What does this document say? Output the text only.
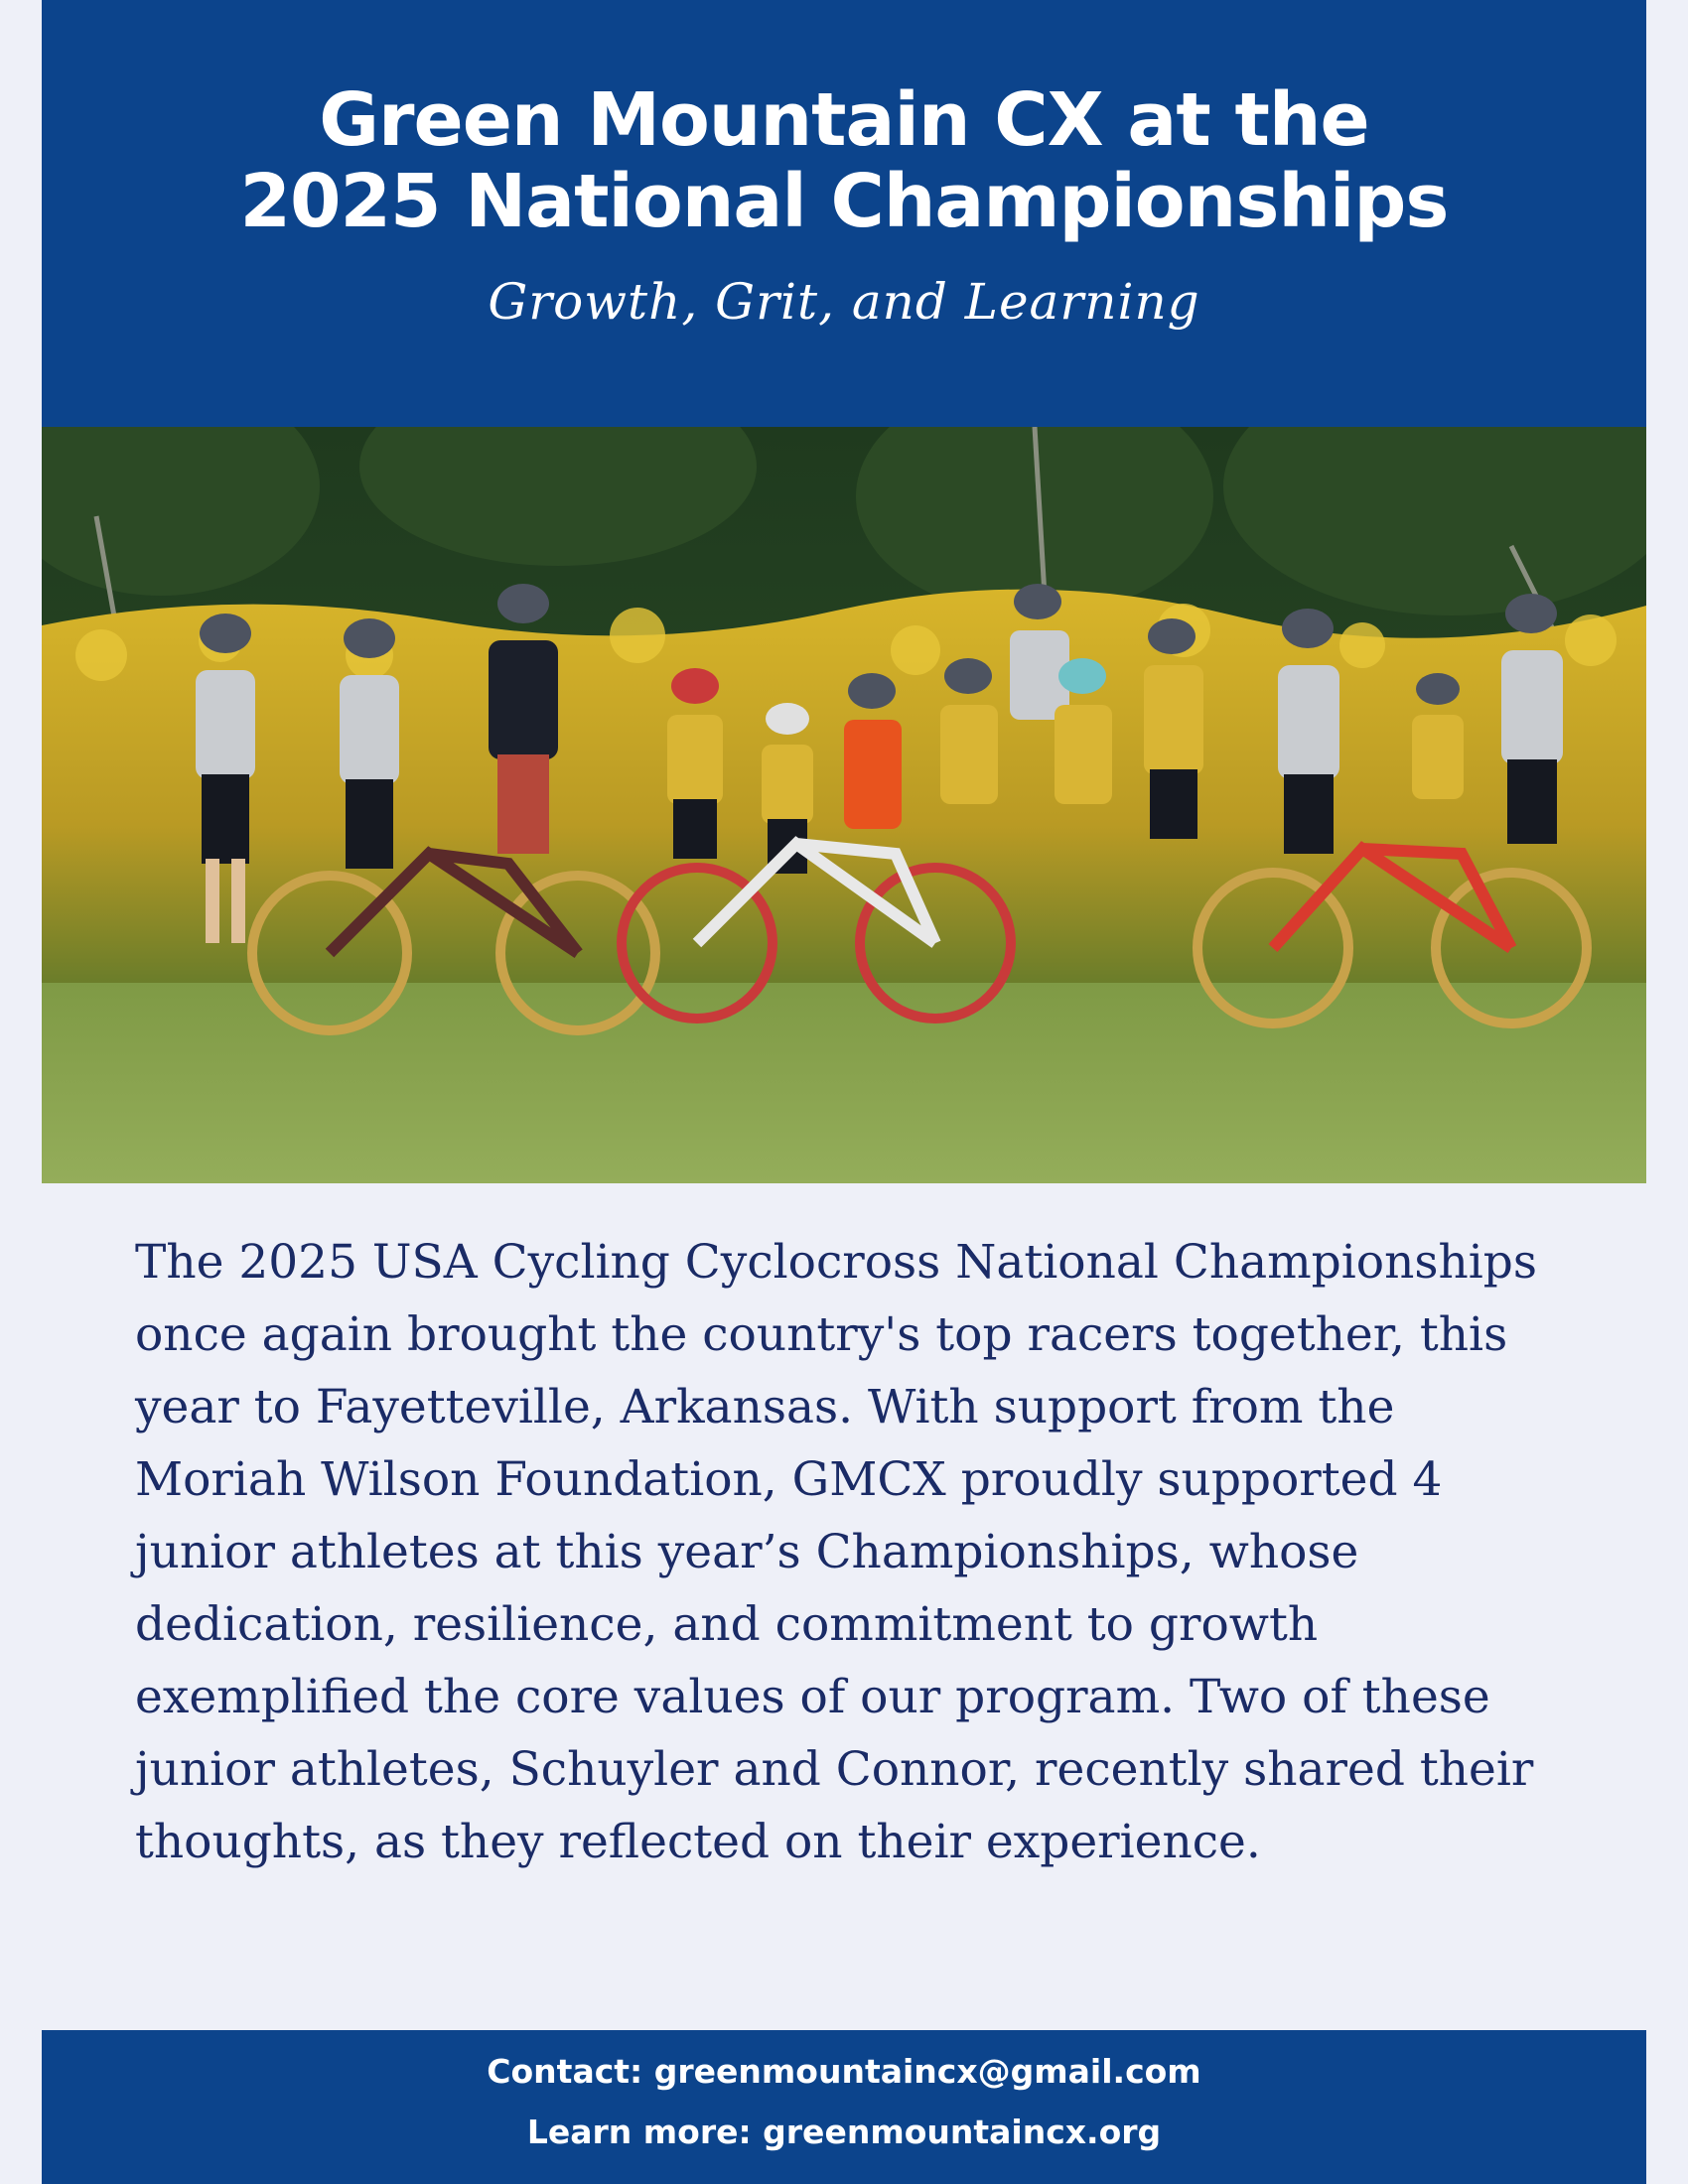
Green Mountain CX at the
2025 National Championships
Growth, Grit, and Learning

The 2025 USA Cycling Cyclocross National Championships once again brought the country's top racers together, this year to Fayetteville, Arkansas. With support from the Moriah Wilson Foundation, GMCX proudly supported 4 junior athletes at this year’s Championships, whose dedication, resilience, and commitment to growth exemplified the core values of our program. Two of these junior athletes, Schuyler and Connor, recently shared their thoughts, as they reflected on their experience.

Contact: greenmountaincx@gmail.com
Learn more: greenmountaincx.org
